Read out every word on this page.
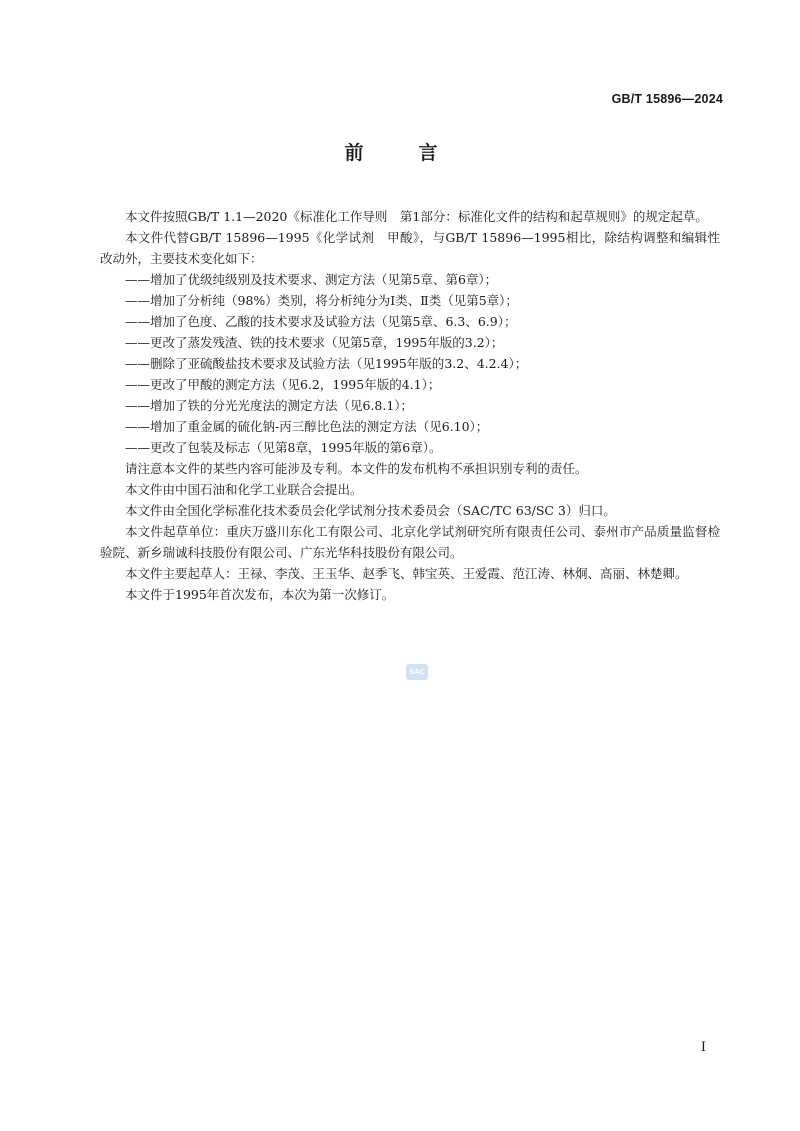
GB/T 15896—2024
前　言

本文件按照GB/T 1.1—2020《标准化工作导则　第1部分：标准化文件的结构和起草规则》的规定起草。

本文件代替GB/T 15896—1995《化学试剂　甲酸》，与GB/T 15896—1995相比，除结构调整和编辑性改动外，主要技术变化如下：

——增加了优级纯级别及技术要求、测定方法（见第5章、第6章）；

——增加了分析纯（98%）类别，将分析纯分为Ⅰ类、Ⅱ类（见第5章）；

——增加了色度、乙酸的技术要求及试验方法（见第5章、6.3、6.9）；

——更改了蒸发残渣、铁的技术要求（见第5章，1995年版的3.2）；

——删除了亚硫酸盐技术要求及试验方法（见1995年版的3.2、4.2.4）；

——更改了甲酸的测定方法（见6.2，1995年版的4.1）；

——增加了铁的分光光度法的测定方法（见6.8.1）；

——增加了重金属的硫化钠-丙三醇比色法的测定方法（见6.10）；

——更改了包装及标志（见第8章，1995年版的第6章）。

请注意本文件的某些内容可能涉及专利。本文件的发布机构不承担识别专利的责任。

本文件由中国石油和化学工业联合会提出。

本文件由全国化学标准化技术委员会化学试剂分技术委员会（SAC/TC 63/SC 3）归口。

本文件起草单位：重庆万盛川东化工有限公司、北京化学试剂研究所有限责任公司、泰州市产品质量监督检验院、新乡瑞诚科技股份有限公司、广东光华科技股份有限公司。

本文件主要起草人：王禄、李茂、王玉华、赵季飞、韩宝英、王爱霞、范江涛、林炯、高丽、林楚卿。

本文件于1995年首次发布，本次为第一次修订。

SAC
I
